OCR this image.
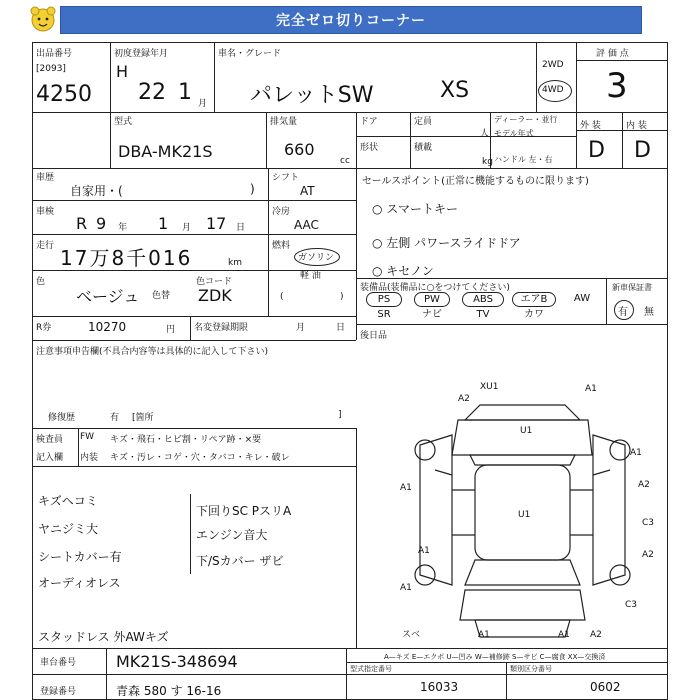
完全ゼロ切りコーナー
出品番号
[2093]
4250
初度登録年月
H
22 1 月
車名・グレード
パレットSW	XS
2WD
4WD
評 価 点
3
型式
DBA-MK21S
排気量
660
cc
ドア
形状
定員
人
積載
kg
ディーラー・並行
モデル年式
ハンドル 左・右
外 装	内 装
D D
車歴
自家用・(	)
シフト
AT
車検
R 9 年 1 月 17 日
冷房
AAC
走行 17万8千016	km
燃料
ガソリン
軽 油
色
ベージュ 色替
色コード
ZDK	(	)
R券	10270	円 名変登録期限	月	日
セールスポイント(正常に機能するものに限ります)
○ スマートキー
○ 左側 パワースライドドア
○ キセノン
装備品(装備品に○をつけてください)
PS	PW	ABS	エアB	AW
SR	ナビ	TV	カワ
新車保証書
有 無
後日品
注意事項申告欄(不具合内容等は具体的に記入して下さい)
修復歴	有 [箇所	]
検査員
記入欄
FW
内装
キズ・飛石・ヒビ割・リペア跡・×要
キズ・汚レ・コゲ・穴・タバコ・キレ・破レ
キズヘコミ
ヤニジミ大
シートカバー有
オーディオレス
スタッドレス 外AWキズ
下回りSC PスリA
エンジン音大
下/Sカバー ザビ
A2
XU1	A1
U1
A1	A2
U1
A1
C3
A1	A2
A1
C3
A1
A1	A2
スベ
A—キズ E—エクボ U—凹み W—補修跡 S—サビ C—腐食 XX—交換済
車台番号 MK21S-348694
登録番号	青森 580 す 16-16
型式指定番号
16033
類別区分番号
0602
